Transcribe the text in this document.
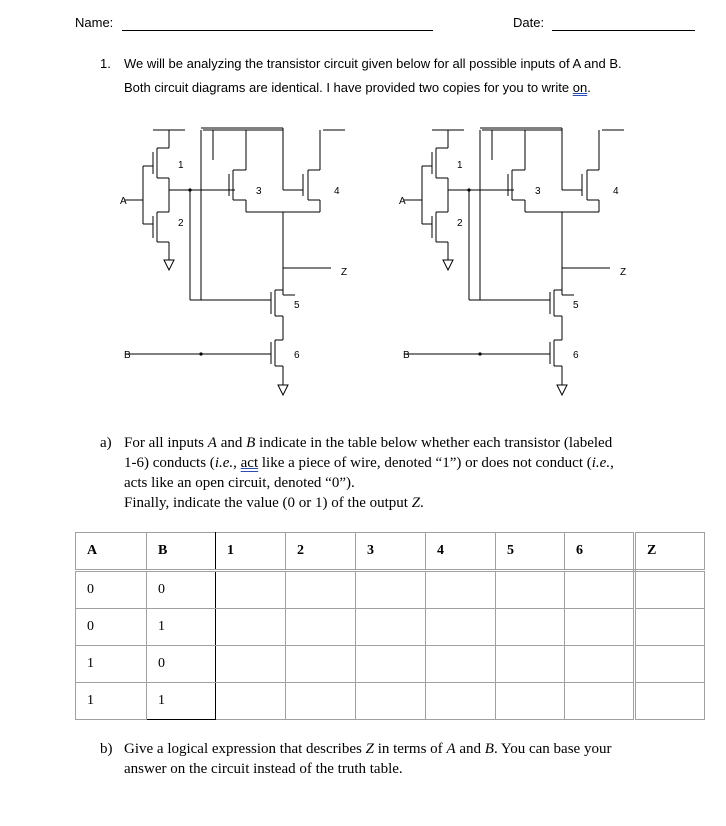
Name:	Date:
1. We will be analyzing the transistor circuit given below for all possible inputs of A and B.
Both circuit diagrams are identical. I have provided two copies for you to write on.
A
B
Z
1
2
3	4
5
6
A
B
Z
1
2
3	4
5
6
a) For all inputs A and B indicate in the table below whether each transistor (labeled
1-6) conducts (i.e., act like a piece of wire, denoted “1”) or does not conduct (i.e.,
acts like an open circuit, denoted “0”).
Finally, indicate the value (0 or 1) of the output Z.
A	B	1	2	3	4	5	6	Z
0	0							
0	1							
1	0							
1	1							
b) Give a logical expression that describes Z in terms of A and B. You can base your
answer on the circuit instead of the truth table.
